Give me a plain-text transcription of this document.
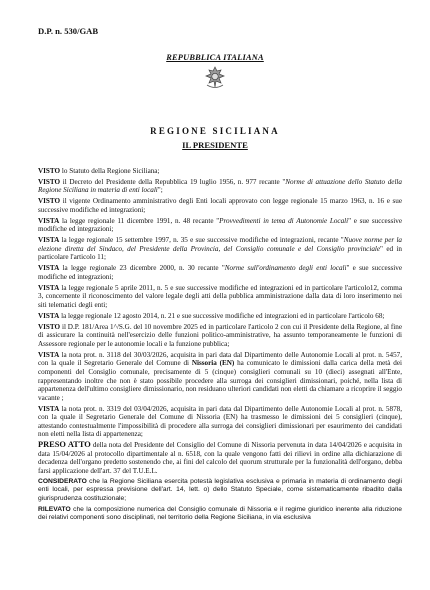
D.P. n. 530/GAB
REPUBBLICA ITALIANA
REGIONE SICILIANA
IL PRESIDENTE

VISTO lo Statuto della Regione Siciliana;

VISTO il Decreto del Presidente della Repubblica 19 luglio 1956, n. 977 recante "Norme di attuazione dello Statuto della Regione Siciliana in materia di enti locali";

VISTO il vigente Ordinamento amministrativo degli Enti locali approvato con legge regionale 15 marzo 1963, n. 16 e sue successive modifiche ed integrazioni;

VISTA la legge regionale 11 dicembre 1991, n. 48 recante "Provvedimenti in tema di Autonomie Locali" e sue successive modifiche ed integrazioni;

VISTA la legge regionale 15 settembre 1997, n. 35 e sue successive modifiche ed integrazioni, recante "Nuove norme per la elezione diretta del Sindaco, del Presidente della Provincia, del Consiglio comunale e del Consiglio provinciale" ed in particolare l'articolo 11;

VISTA la legge regionale 23 dicembre 2000, n. 30 recante "Norme sull'ordinamento degli enti locali" e sue successive modifiche ed integrazioni;

VISTA la legge regionale 5 aprile 2011, n. 5 e sue successive modifiche ed integrazioni ed in particolare l'articolo12, comma 3, concernente il riconoscimento del valore legale degli atti della pubblica amministrazione dalla data di loro inserimento nei siti telematici degli enti;

VISTA la legge regionale 12 agosto 2014, n. 21 e sue successive modifiche ed integrazioni ed in particolare l'articolo 68;

VISTO il D.P. 181/Area 1^/S.G. del 10 novembre 2025 ed in particolare l'articolo 2 con cui il Presidente della Regione, al fine di assicurare la continuità nell'esercizio delle funzioni politico-amministrative, ha assunto temporaneamente le funzioni di Assessore regionale per le autonomie locali e la funzione pubblica;

VISTA la nota prot. n. 3118 del 30/03/2026, acquisita in pari data dal Dipartimento delle Autonomie Locali al prot. n. 5457, con la quale il Segretario Generale del Comune di Nissoria (EN) ha comunicato le dimissioni dalla carica della metà dei componenti del Consiglio comunale, precisamente di 5 (cinque) consiglieri comunali su 10 (dieci) assegnati all'Ente, rappresentando inoltre che non è stato possibile procedere alla surroga dei consiglieri dimissionari, poiché, nella lista di appartenenza dell'ultimo consigliere dimissionario, non residuano ulteriori candidati non eletti da chiamare a ricoprire il seggio vacante ;

VISTA la nota prot. n. 3319 del 03/04/2026, acquisita in pari data dal Dipartimento delle Autonomie Locali al prot. n. 5878, con la quale il Segretario Generale del Comune di Nissoria (EN) ha trasmesso le dimissioni dei 5 consiglieri (cinque), attestando contestualmente l'impossibilità di procedere alla surroga dei consiglieri dimissionari per esaurimento dei candidati non eletti nella lista di appartenenza;

PRESO ATTO della nota del Presidente del Consiglio del Comune di Nissoria pervenuta in data 14/04/2026 e acquisita in data 15/04/2026 al protocollo dipartimentale al n. 6518, con la quale vengono fatti dei rilievi in ordine alla dichiarazione di decadenza dell'organo predetto sostenendo che, ai fini del calcolo del quorum strutturale per la funzionalità dell'organo, debba farsi applicazione dell'art. 37 del T.U.E.L.

CONSIDERATO che la Regione Siciliana esercita potestà legislativa esclusiva e primaria in materia di ordinamento degli enti locali, per espressa previsione dell'art. 14, lett. o) dello Statuto Speciale, come sistematicamente ribadito dalla giurisprudenza costituzionale;

RILEVATO che la composizione numerica del Consiglio comunale di Nissoria e il regime giuridico inerente alla riduzione dei relativi componenti sono disciplinati, nel territorio della Regione Siciliana, in via esclusiva
